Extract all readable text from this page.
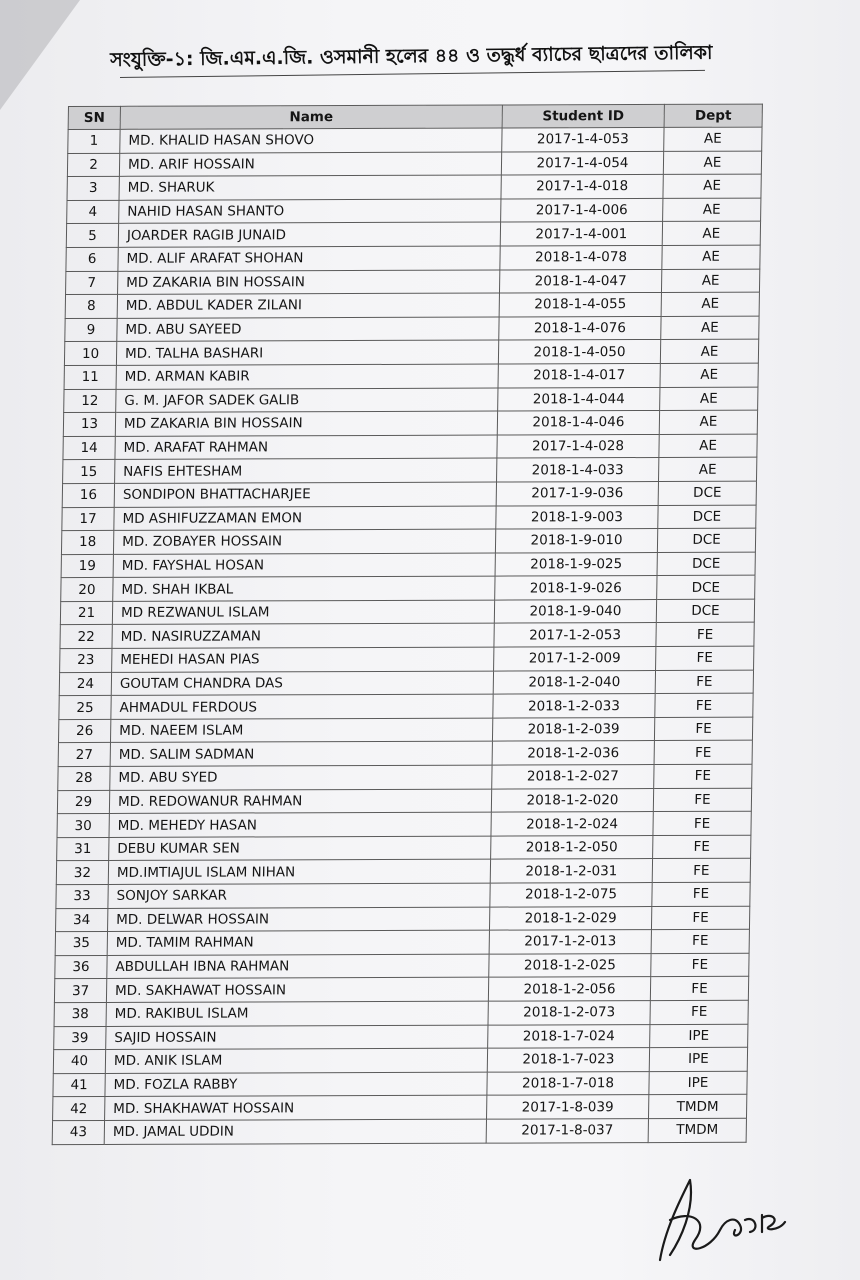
সংযুক্তি-১: জি.এম.এ.জি. ওসমানী হলের ৪৪ ও তদ্ধুর্ধ ব্যাচের ছাত্রদের তালিকা
SN	Name	Student ID	Dept
1	MD. KHALID HASAN SHOVO	2017-1-4-053	AE
2	MD. ARIF HOSSAIN	2017-1-4-054	AE
3	MD. SHARUK	2017-1-4-018	AE
4	NAHID HASAN SHANTO	2017-1-4-006	AE
5	JOARDER RAGIB JUNAID	2017-1-4-001	AE
6	MD. ALIF ARAFAT SHOHAN	2018-1-4-078	AE
7	MD ZAKARIA BIN HOSSAIN	2018-1-4-047	AE
8	MD. ABDUL KADER ZILANI	2018-1-4-055	AE
9	MD. ABU SAYEED	2018-1-4-076	AE
10	MD. TALHA BASHARI	2018-1-4-050	AE
11	MD. ARMAN KABIR	2018-1-4-017	AE
12	G. M. JAFOR SADEK GALIB	2018-1-4-044	AE
13	MD ZAKARIA BIN HOSSAIN	2018-1-4-046	AE
14	MD. ARAFAT RAHMAN	2017-1-4-028	AE
15	NAFIS EHTESHAM	2018-1-4-033	AE
16	SONDIPON BHATTACHARJEE	2017-1-9-036	DCE
17	MD ASHIFUZZAMAN EMON	2018-1-9-003	DCE
18	MD. ZOBAYER HOSSAIN	2018-1-9-010	DCE
19	MD. FAYSHAL HOSAN	2018-1-9-025	DCE
20	MD. SHAH IKBAL	2018-1-9-026	DCE
21	MD REZWANUL ISLAM	2018-1-9-040	DCE
22	MD. NASIRUZZAMAN	2017-1-2-053	FE
23	MEHEDI HASAN PIAS	2017-1-2-009	FE
24	GOUTAM CHANDRA DAS	2018-1-2-040	FE
25	AHMADUL FERDOUS	2018-1-2-033	FE
26	MD. NAEEM ISLAM	2018-1-2-039	FE
27	MD. SALIM SADMAN	2018-1-2-036	FE
28	MD. ABU SYED	2018-1-2-027	FE
29	MD. REDOWANUR RAHMAN	2018-1-2-020	FE
30	MD. MEHEDY HASAN	2018-1-2-024	FE
31	DEBU KUMAR SEN	2018-1-2-050	FE
32	MD.IMTIAJUL ISLAM NIHAN	2018-1-2-031	FE
33	SONJOY SARKAR	2018-1-2-075	FE
34	MD. DELWAR HOSSAIN	2018-1-2-029	FE
35	MD. TAMIM RAHMAN	2017-1-2-013	FE
36	ABDULLAH IBNA RAHMAN	2018-1-2-025	FE
37	MD. SAKHAWAT HOSSAIN	2018-1-2-056	FE
38	MD. RAKIBUL ISLAM	2018-1-2-073	FE
39	SAJID HOSSAIN	2018-1-7-024	IPE
40	MD. ANIK ISLAM	2018-1-7-023	IPE
41	MD. FOZLA RABBY	2018-1-7-018	IPE
42	MD. SHAKHAWAT HOSSAIN	2017-1-8-039	TMDM
43	MD. JAMAL UDDIN	2017-1-8-037	TMDM
